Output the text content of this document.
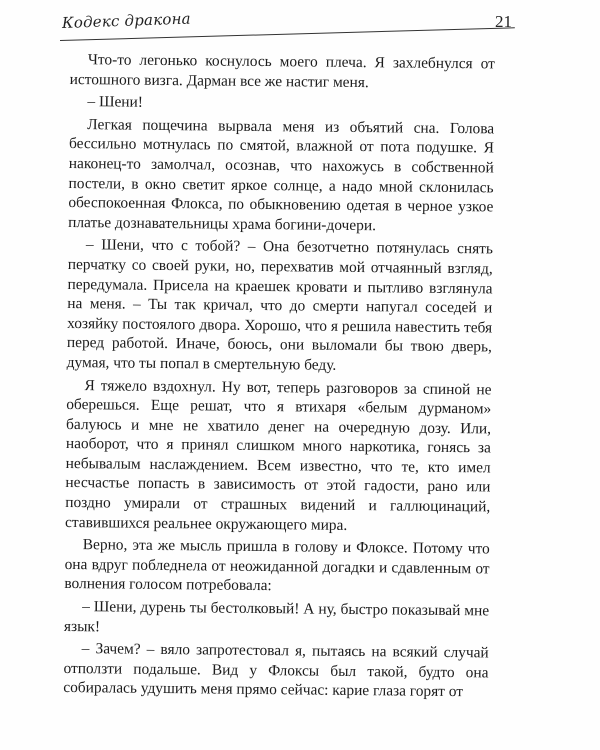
Кодекс дракона	21

Что-то легонько коснулось моего плеча. Я захлебнулся от истошного визга. Дарман все же настиг меня.

– Шени!

Легкая пощечина вырвала меня из объятий сна. Голова бессильно мотнулась по смятой, влажной от пота подушке. Я наконец-то замолчал, осознав, что нахожусь в собственной постели, в окно светит яркое солнце, а надо мной склонилась обеспокоенная Флокса, по обыкновению одетая в черное узкое платье дознавательницы храма богини-дочери.

– Шени, что с тобой? – Она безотчетно потянулась снять перчатку со своей руки, но, перехватив мой отчаянный взгляд, передумала. Присела на краешек кровати и пытливо взглянула на меня. – Ты так кричал, что до смерти напугал соседей и хозяйку постоялого двора. Хорошо, что я решила навестить тебя перед работой. Иначе, боюсь, они выломали бы твою дверь, думая, что ты попал в смертельную беду.

Я тяжело вздохнул. Ну вот, теперь разговоров за спиной не оберешься. Еще решат, что я втихаря «белым дурманом» балуюсь и мне не хватило денег на очередную дозу. Или, наоборот, что я принял слишком много наркотика, гонясь за небывалым наслаждением. Всем известно, что те, кто имел несчастье попасть в зависимость от этой гадости, рано или поздно умирали от страшных видений и галлюцинаций, ставившихся реальнее окружающего мира.

Верно, эта же мысль пришла в голову и Флоксе. Потому что она вдруг побледнела от неожиданной догадки и сдавленным от волнения голосом потребовала:

– Шени, дурень ты бестолковый! А ну, быстро показывай мне язык!

– Зачем? – вяло запротестовал я, пытаясь на всякий случай отползти подальше. Вид у Флоксы был такой, будто она собиралась удушить меня прямо сейчас: карие глаза горят от
